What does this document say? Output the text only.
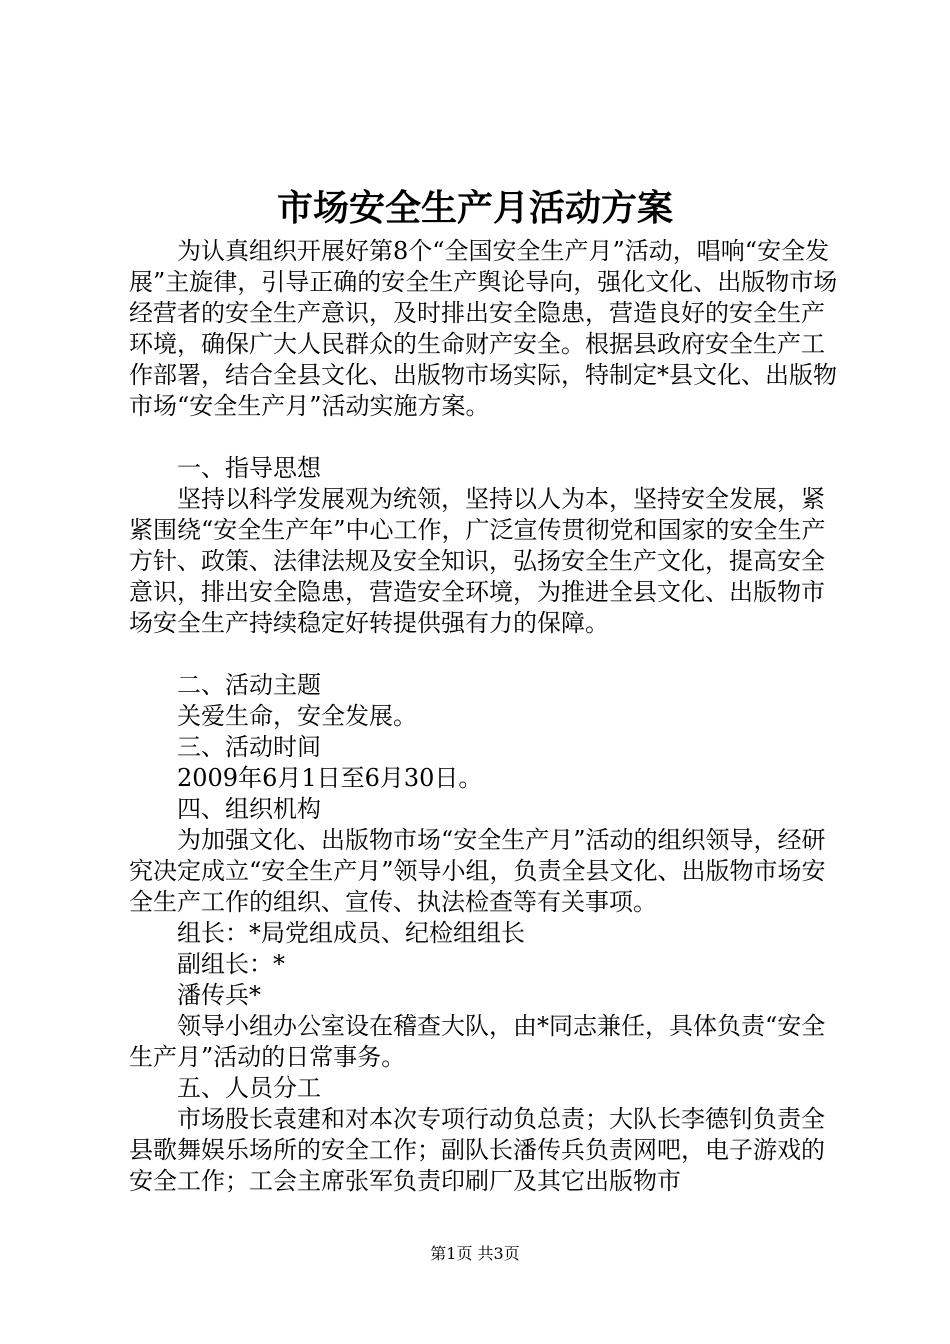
市场安全生产月活动方案

为认真组织开展好第8个“全国安全生产月”活动，唱响“安全发展”主旋律，引导正确的安全生产舆论导向，强化文化、出版物市场经营者的安全生产意识，及时排出安全隐患，营造良好的安全生产环境，确保广大人民群众的生命财产安全。根据县政府安全生产工作部署，结合全县文化、出版物市场实际，特制定*县文化、出版物市场“安全生产月”活动实施方案。

一、指导思想

坚持以科学发展观为统领，坚持以人为本，坚持安全发展，紧紧围绕“安全生产年”中心工作，广泛宣传贯彻党和国家的安全生产方针、政策、法律法规及安全知识，弘扬安全生产文化，提高安全意识，排出安全隐患，营造安全环境，为推进全县文化、出版物市场安全生产持续稳定好转提供强有力的保障。

二、活动主题

关爱生命，安全发展。

三、活动时间

2009年6月1日至6月30日。

四、组织机构

为加强文化、出版物市场“安全生产月”活动的组织领导，经研究决定成立“安全生产月”领导小组，负责全县文化、出版物市场安全生产工作的组织、宣传、执法检查等有关事项。

组长：*局党组成员、纪检组组长

副组长：*

潘传兵*

领导小组办公室设在稽查大队，由*同志兼任，具体负责“安全生产月”活动的日常事务。

五、人员分工

市场股长袁建和对本次专项行动负总责；大队长李德钊负责全县歌舞娱乐场所的安全工作；副队长潘传兵负责网吧，电子游戏的安全工作；工会主席张军负责印刷厂及其它出版物市

第1页 共3页
